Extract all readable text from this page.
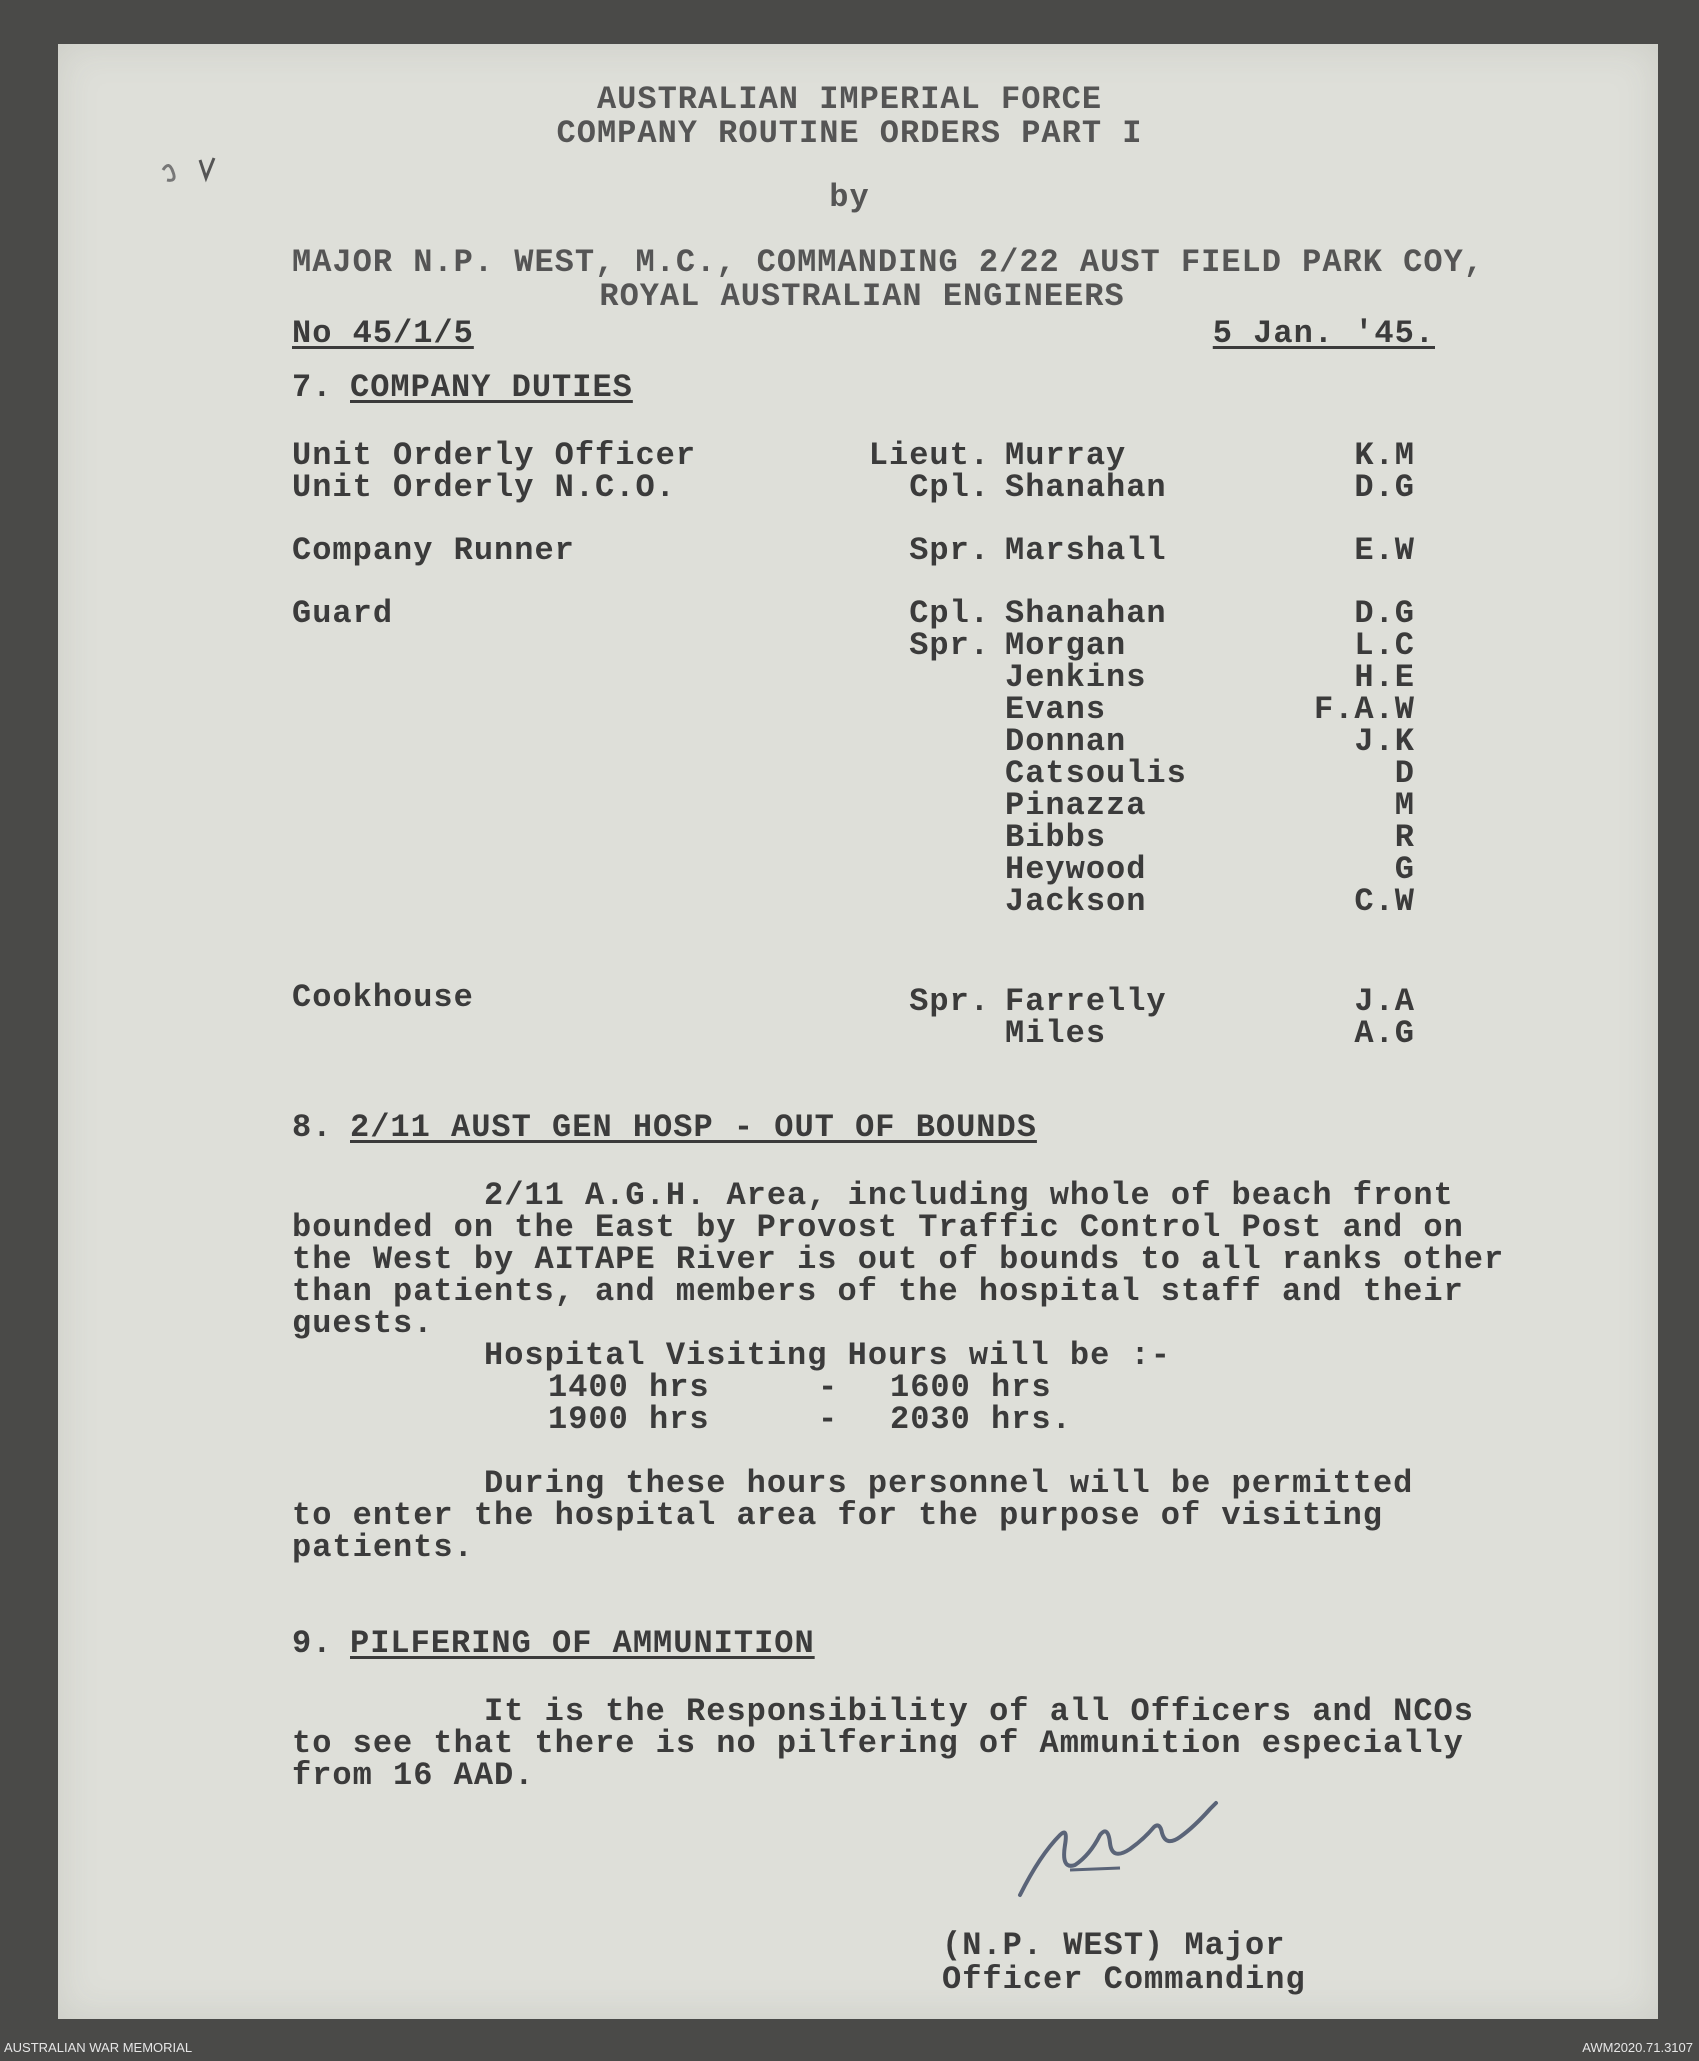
AUSTRALIAN IMPERIAL FORCE

COMPANY ROUTINE ORDERS PART I

by

MAJOR N.P. WEST, M.C., COMMANDING 2/22 AUST FIELD PARK COY,

ROYAL AUSTRALIAN ENGINEERS

No 45/1/5	5 Jan. '45.

7. COMPANY DUTIES

Unit Orderly Officer	Lieut. Murray	K.M

Unit Orderly N.C.O.	Cpl. Shanahan	D.G

Company Runner	Spr. Marshall	E.W

Guard	Cpl. Shanahan	D.G

Spr. Morgan	L.C

Jenkins	H.E

Evans	F.A.W

Donnan	J.K

Catsoulis	D

Pinazza	M

Bibbs	R

Heywood	G

Jackson	C.W

Cookhouse	Spr. Farrelly	J.A

Miles	A.G

8. 2/11 AUST GEN HOSP - OUT OF BOUNDS

2/11 A.G.H. Area, including whole of beach front

bounded on the East by Provost Traffic Control Post and on

the West by AITAPE River is out of bounds to all ranks other

than patients, and members of the hospital staff and their

guests.

Hospital Visiting Hours will be :-

1400 hrs	- 1600 hrs

1900 hrs	- 2030 hrs.

During these hours personnel will be permitted

to enter the hospital area for the purpose of visiting

patients.

9. PILFERING OF AMMUNITION

It is the Responsibility of all Officers and NCOs

to see that there is no pilfering of Ammunition especially

from 16 AAD.

(N.P. WEST) Major

Officer Commanding

AUSTRALIAN WAR MEMORIAL	AWM2020.71.3107
